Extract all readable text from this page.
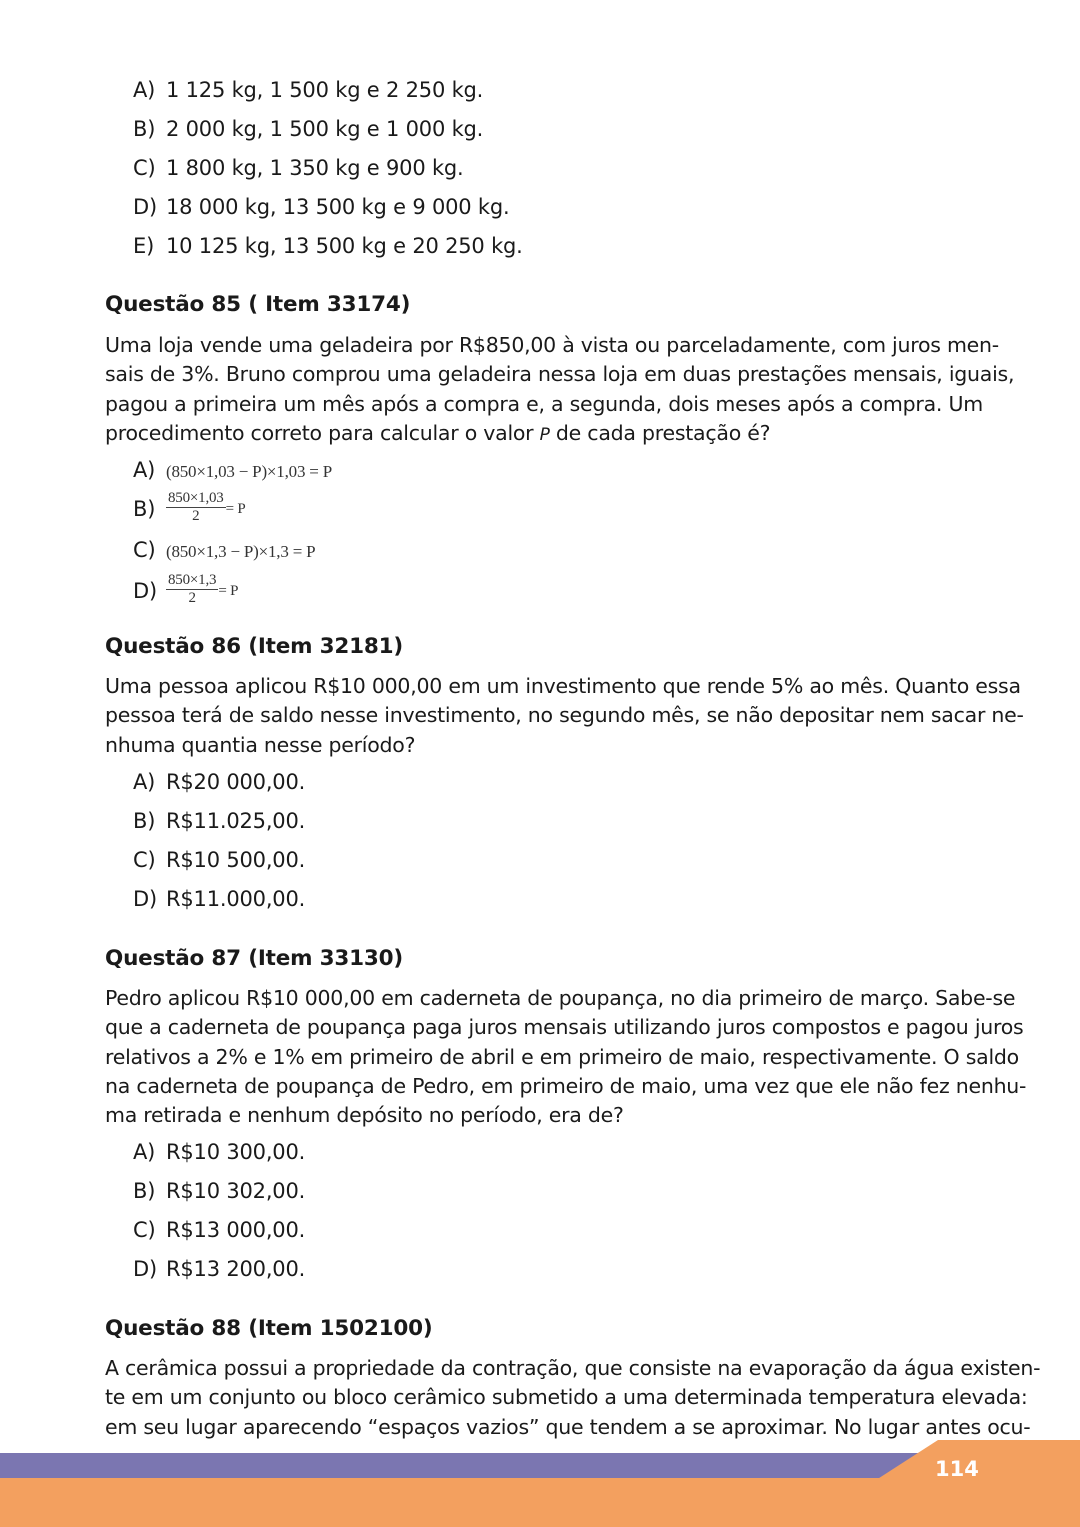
A) 1 125 kg, 1 500 kg e 2 250 kg.
B) 2 000 kg, 1 500 kg e 1 000 kg.
C) 1 800 kg, 1 350 kg e 900 kg.
D) 18 000 kg, 13 500 kg e 9 000 kg.
E) 10 125 kg, 13 500 kg e 20 250 kg.
Questão 85 ( Item 33174)
Uma loja vende uma geladeira por R$850,00 à vista ou parceladamente, com juros men-
sais de 3%. Bruno comprou uma geladeira nessa loja em duas prestações mensais, iguais,
pagou a primeira um mês após a compra e, a segunda, dois meses após a compra. Um
procedimento correto para calcular o valor P de cada prestação é?
A) (850×1,03 − P)×1,03 = P
$B) \frac{850\times 1,03}{2} = P$
C) (850×1,3 − P)×1,3 = P
$D) \frac{850\times 1,3}{2} = P$
Questão 86 (Item 32181)
Uma pessoa aplicou R$10 000,00 em um investimento que rende 5% ao mês. Quanto essa
pessoa terá de saldo nesse investimento, no segundo mês, se não depositar nem sacar ne-
nhuma quantia nesse período?
A) R$20 000,00.
B) R$11.025,00.
C) R$10 500,00.
D) R$11.000,00.
Questão 87 (Item 33130)
Pedro aplicou R$10 000,00 em caderneta de poupança, no dia primeiro de março. Sabe-se
que a caderneta de poupança paga juros mensais utilizando juros compostos e pagou juros
relativos a 2% e 1% em primeiro de abril e em primeiro de maio, respectivamente. O saldo
na caderneta de poupança de Pedro, em primeiro de maio, uma vez que ele não fez nenhu-
ma retirada e nenhum depósito no período, era de?
A) R$10 300,00.
B) R$10 302,00.
C) R$13 000,00.
D) R$13 200,00.
Questão 88 (Item 1502100)
A cerâmica possui a propriedade da contração, que consiste na evaporação da água existen-
te em um conjunto ou bloco cerâmico submetido a uma determinada temperatura elevada:
em seu lugar aparecendo “espaços vazios” que tendem a se aproximar. No lugar antes ocu-
114
